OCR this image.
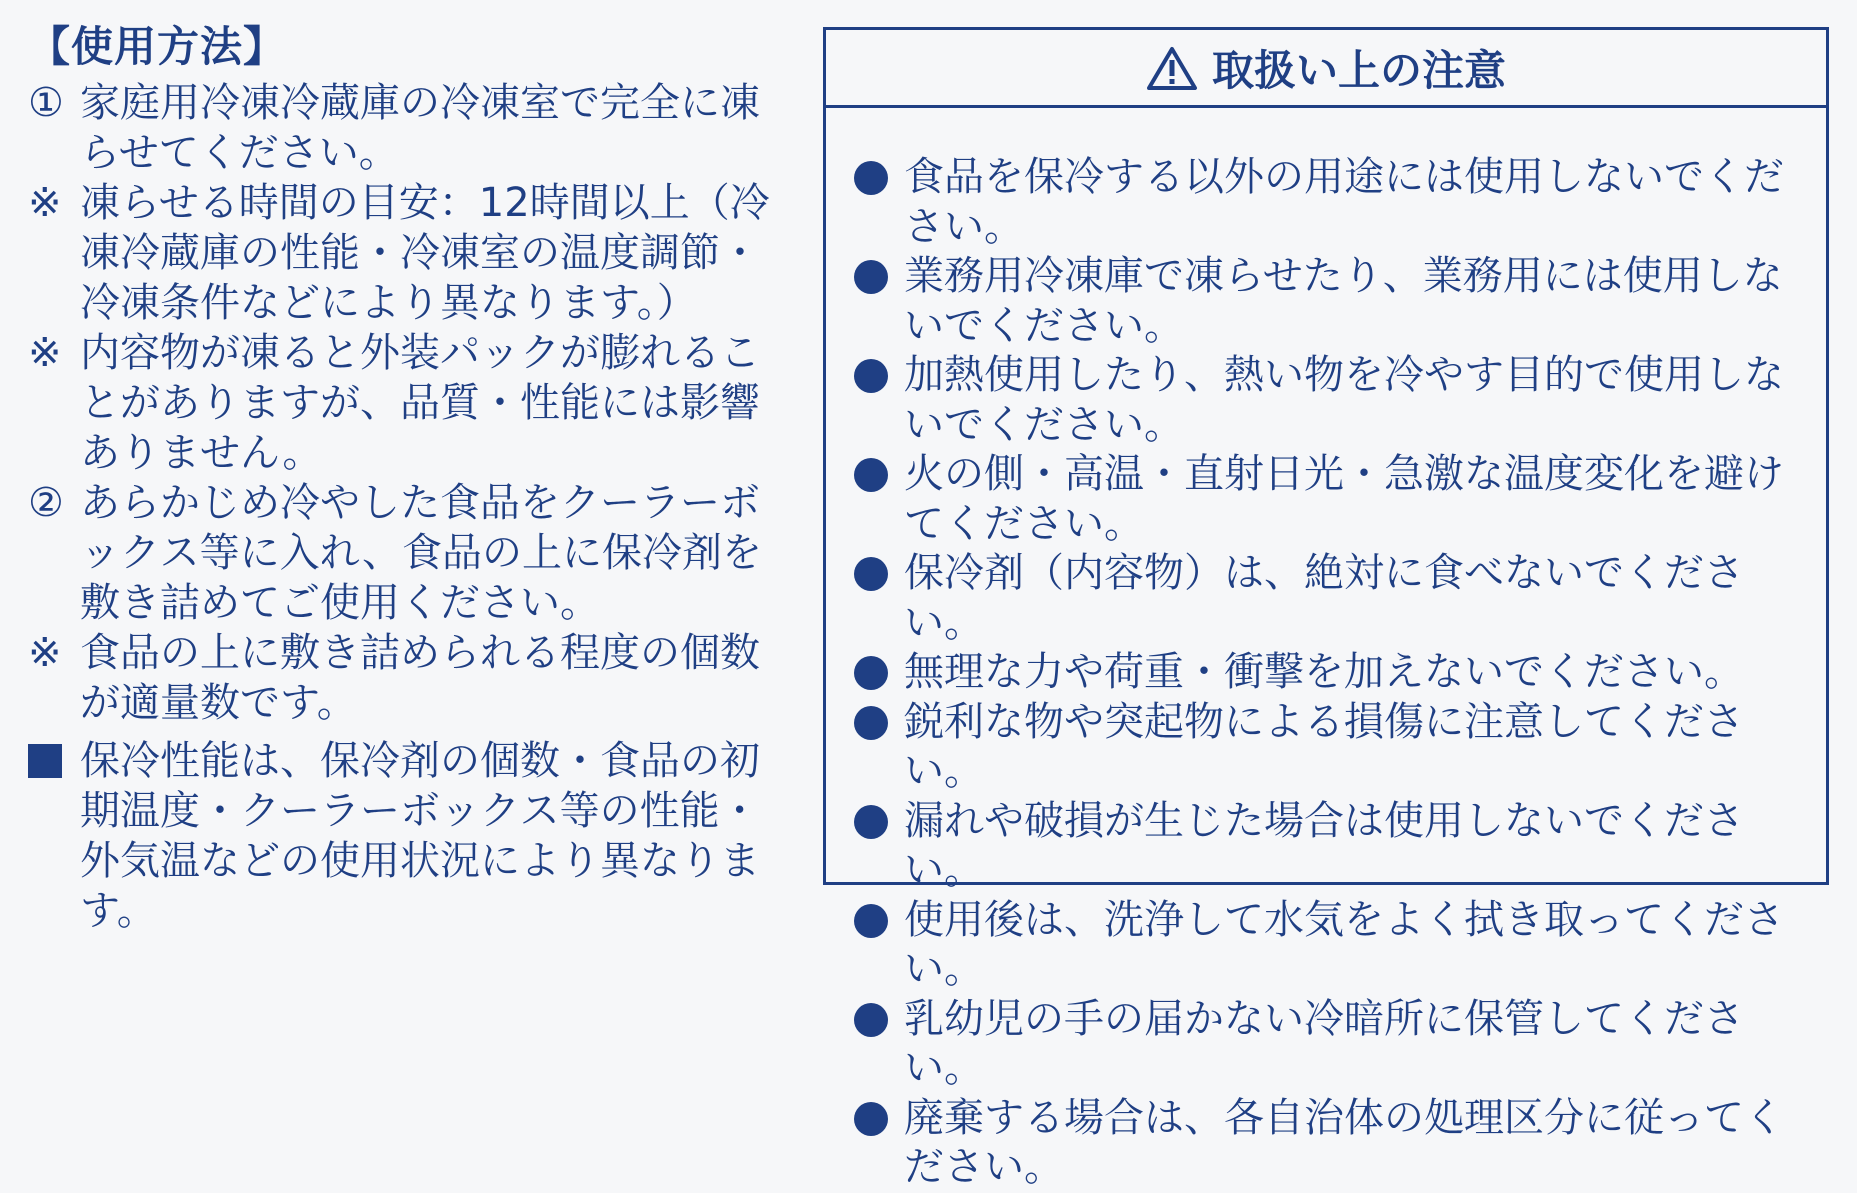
【使用方法】
① 家庭用冷凍冷蔵庫の冷凍室で完全に凍らせてください。
※ 凍らせる時間の目安：12時間以上（冷凍冷蔵庫の性能・冷凍室の温度調節・冷凍条件などにより異なります。）
※ 内容物が凍ると外装パックが膨れることがありますが、品質・性能には影響ありません。
② あらかじめ冷やした食品をクーラーボックス等に入れ、食品の上に保冷剤を敷き詰めてご使用ください。
※ 食品の上に敷き詰められる程度の個数が適量数です。
保冷性能は、保冷剤の個数・食品の初期温度・クーラーボックス等の性能・外気温などの使用状況により異なります。
取扱い上の注意
食品を保冷する以外の用途には使用しないでください。
業務用冷凍庫で凍らせたり、業務用には使用しないでください。
加熱使用したり、熱い物を冷やす目的で使用しないでください。
火の側・高温・直射日光・急激な温度変化を避けてください。
保冷剤（内容物）は、絶対に食べないでください。
無理な力や荷重・衝撃を加えないでください。
鋭利な物や突起物による損傷に注意してください。
漏れや破損が生じた場合は使用しないでください。
使用後は、洗浄して水気をよく拭き取ってください。
乳幼児の手の届かない冷暗所に保管してください。
廃棄する場合は、各自治体の処理区分に従ってください。
